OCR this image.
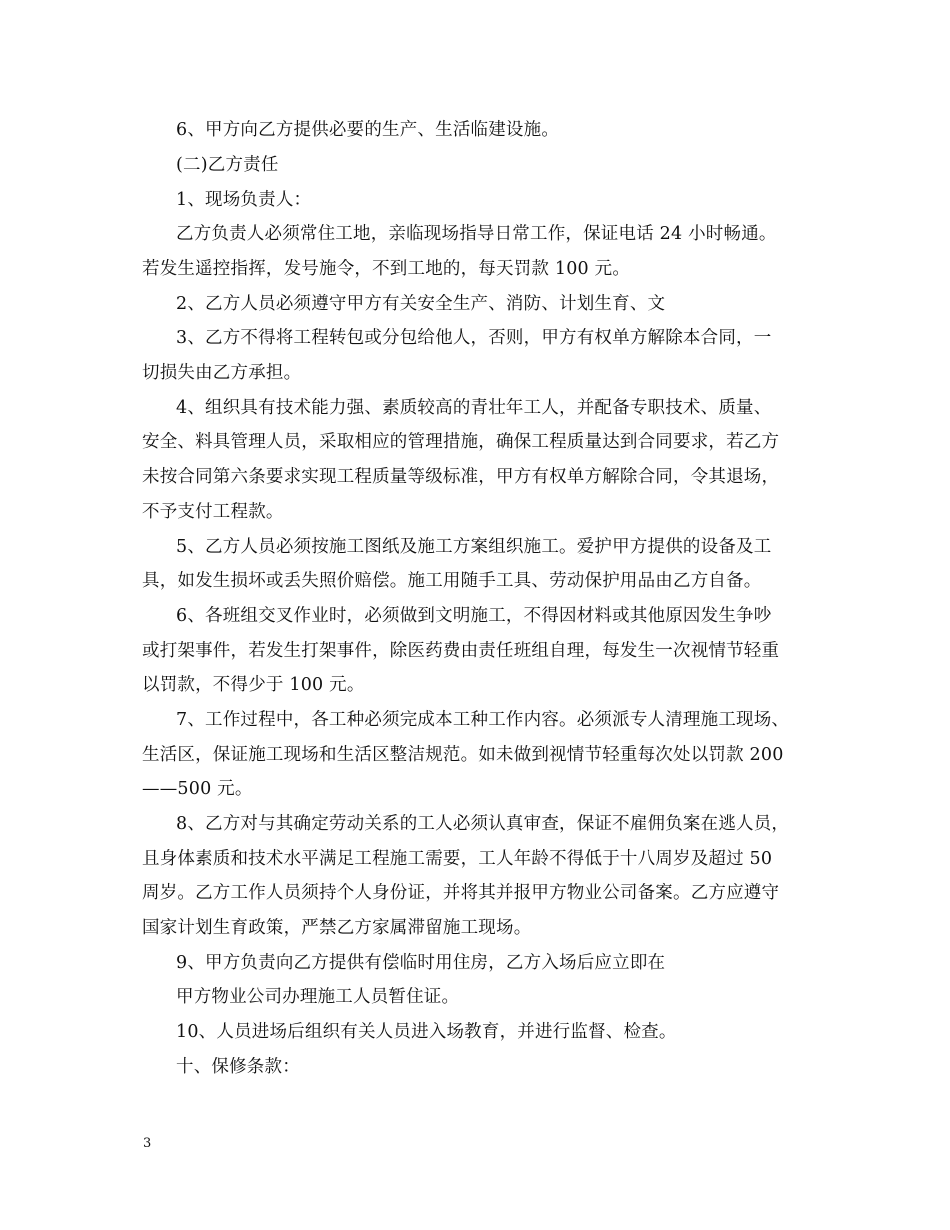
6、甲方向乙方提供必要的生产、生活临建设施。
(二)乙方责任
1、现场负责人：
乙方负责人必须常住工地，亲临现场指导日常工作，保证电话 24 小时畅通。
若发生遥控指挥，发号施令，不到工地的，每天罚款 100 元。
2、乙方人员必须遵守甲方有关安全生产、消防、计划生育、文
3、乙方不得将工程转包或分包给他人，否则，甲方有权单方解除本合同，一
切损失由乙方承担。
4、组织具有技术能力强、素质较高的青壮年工人，并配备专职技术、质量、
安全、料具管理人员，采取相应的管理措施，确保工程质量达到合同要求，若乙方
未按合同第六条要求实现工程质量等级标准，甲方有权单方解除合同，令其退场，
不予支付工程款。
5、乙方人员必须按施工图纸及施工方案组织施工。爱护甲方提供的设备及工
具，如发生损坏或丢失照价赔偿。施工用随手工具、劳动保护用品由乙方自备。
6、各班组交叉作业时，必须做到文明施工，不得因材料或其他原因发生争吵
或打架事件，若发生打架事件，除医药费由责任班组自理，每发生一次视情节轻重
以罚款，不得少于 100 元。
7、工作过程中，各工种必须完成本工种工作内容。必须派专人清理施工现场、
生活区，保证施工现场和生活区整洁规范。如未做到视情节轻重每次处以罚款 200
——500 元。
8、乙方对与其确定劳动关系的工人必须认真审查，保证不雇佣负案在逃人员，
且身体素质和技术水平满足工程施工需要，工人年龄不得低于十八周岁及超过 50
周岁。乙方工作人员须持个人身份证，并将其并报甲方物业公司备案。乙方应遵守
国家计划生育政策，严禁乙方家属滞留施工现场。
9、甲方负责向乙方提供有偿临时用住房，乙方入场后应立即在
甲方物业公司办理施工人员暂住证。
10、人员进场后组织有关人员进入场教育，并进行监督、检查。
十、保修条款：
3
